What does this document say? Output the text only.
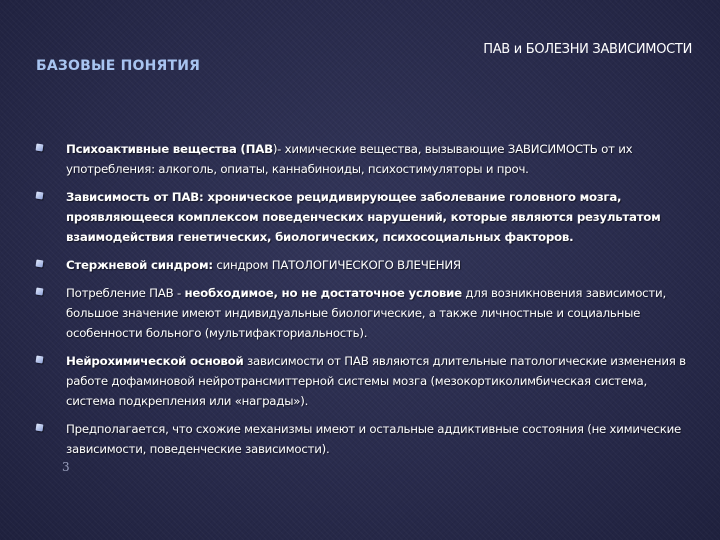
ПАВ и БОЛЕЗНИ ЗАВИСИМОСТИ
БАЗОВЫЕ ПОНЯТИЯ
Психоактивные вещества (ПАВ)- химические вещества, вызывающие ЗАВИСИМОСТЬ от их употребления: алкоголь, опиаты, каннабиноиды, психостимуляторы и проч.
Зависимость от ПАВ: хроническое рецидивирующее заболевание головного мозга, проявляющееся комплексом поведенческих нарушений, которые являются результатом взаимодействия генетических, биологических, психосоциальных факторов.
Стержневой синдром: синдром ПАТОЛОГИЧЕСКОГО ВЛЕЧЕНИЯ
Потребление ПАВ - необходимое, но не достаточное условие для возникновения зависимости, большое значение имеют индивидуальные биологические, а также личностные и социальные особенности больного (мультифакториальность).
Нейрохимической основой зависимости от ПАВ являются длительные патологические изменения в работе дофаминовой нейротрансмиттерной системы мозга (мезокортиколимбическая система, система подкрепления или «награды»).
Предполагается, что схожие механизмы имеют и остальные аддиктивные состояния (не химические зависимости, поведенческие зависимости).
3
